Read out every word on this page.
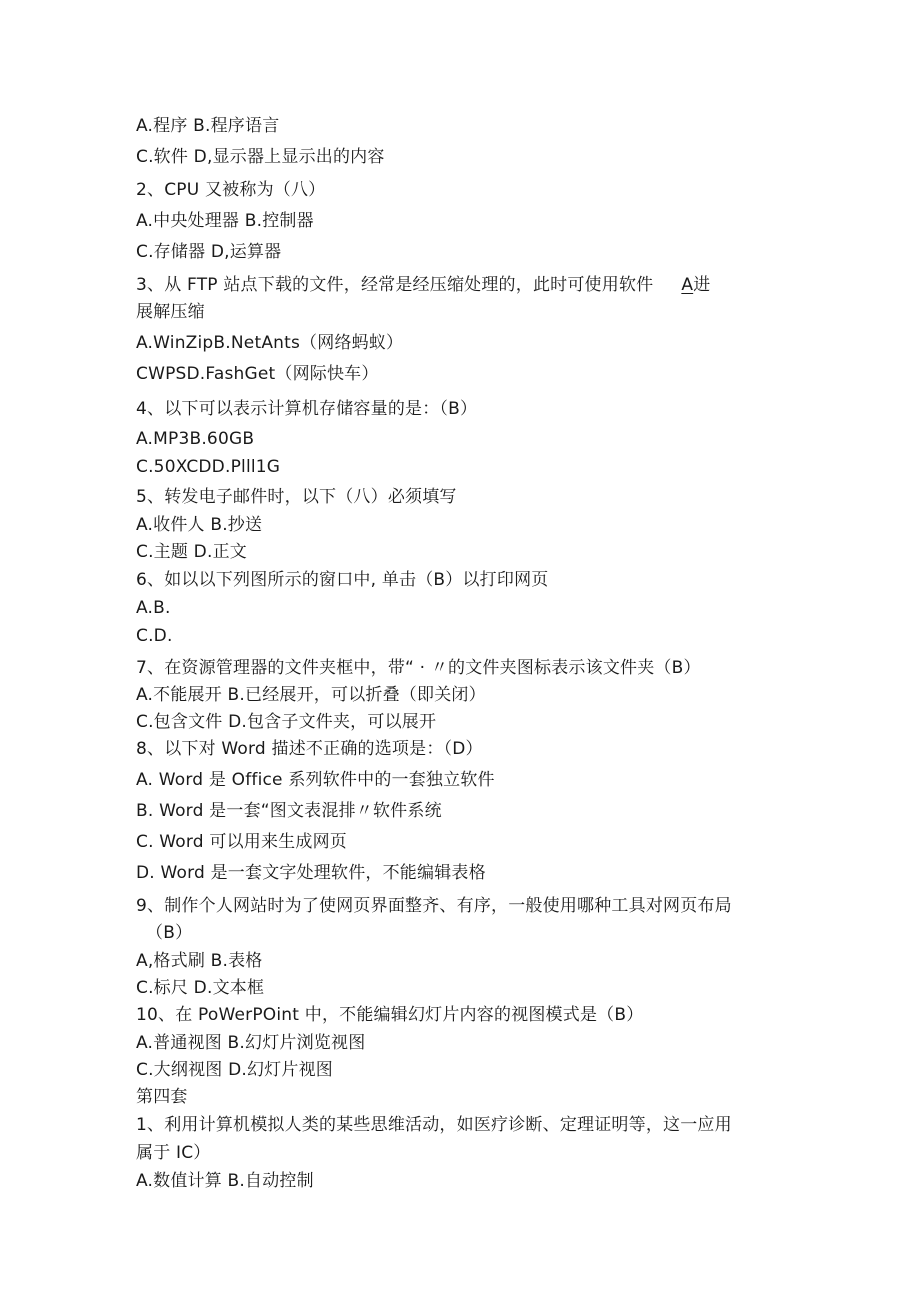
A.程序 B.程序语言
C.软件 D,显示器上显示出的内容
2、CPU 又被称为（八）
A.中央处理器 B.控制器
C.存储器 D,运算器
3、从 FTP 站点下载的文件，经常是经压缩处理的，此时可使用软件 A进
展解压缩
A.WinZipB.NetAnts（网络蚂蚁）
CWPSD.FashGet（网际快车）
4、以下可以表示计算机存储容量的是：（B）
A.MP3B.60GB
C.50XCDD.Plll1G
5、转发电子邮件时，以下（八）必须填写
A.收件人 B.抄送
C.主题 D.正文
6、如以以下列图所示的窗口中, 单击（B）以打印网页
A.B.
C.D.
7、在资源管理器的文件夹框中，带“ · 〃的文件夹图标表示该文件夹（B）
A.不能展开 B.已经展开，可以折叠（即关闭）
C.包含文件 D.包含子文件夹，可以展开
8、以下对 Word 描述不正确的选项是：（D）
A. Word 是 Office 系列软件中的一套独立软件
B. Word 是一套“图文表混排〃软件系统
C. Word 可以用来生成网页
D. Word 是一套文字处理软件，不能编辑表格
9、制作个人网站时为了使网页界面整齐、有序，一般使用哪种工具对网页布局
（B）
A,格式刷 B.表格
C.标尺 D.文本框
10、在 PoWerPOint 中，不能编辑幻灯片内容的视图模式是（B）
A.普通视图 B.幻灯片浏览视图
C.大纲视图 D.幻灯片视图
第四套
1、利用计算机模拟人类的某些思维活动，如医疗诊断、定理证明等，这一应用
属于 IC）
A.数值计算 B.自动控制
